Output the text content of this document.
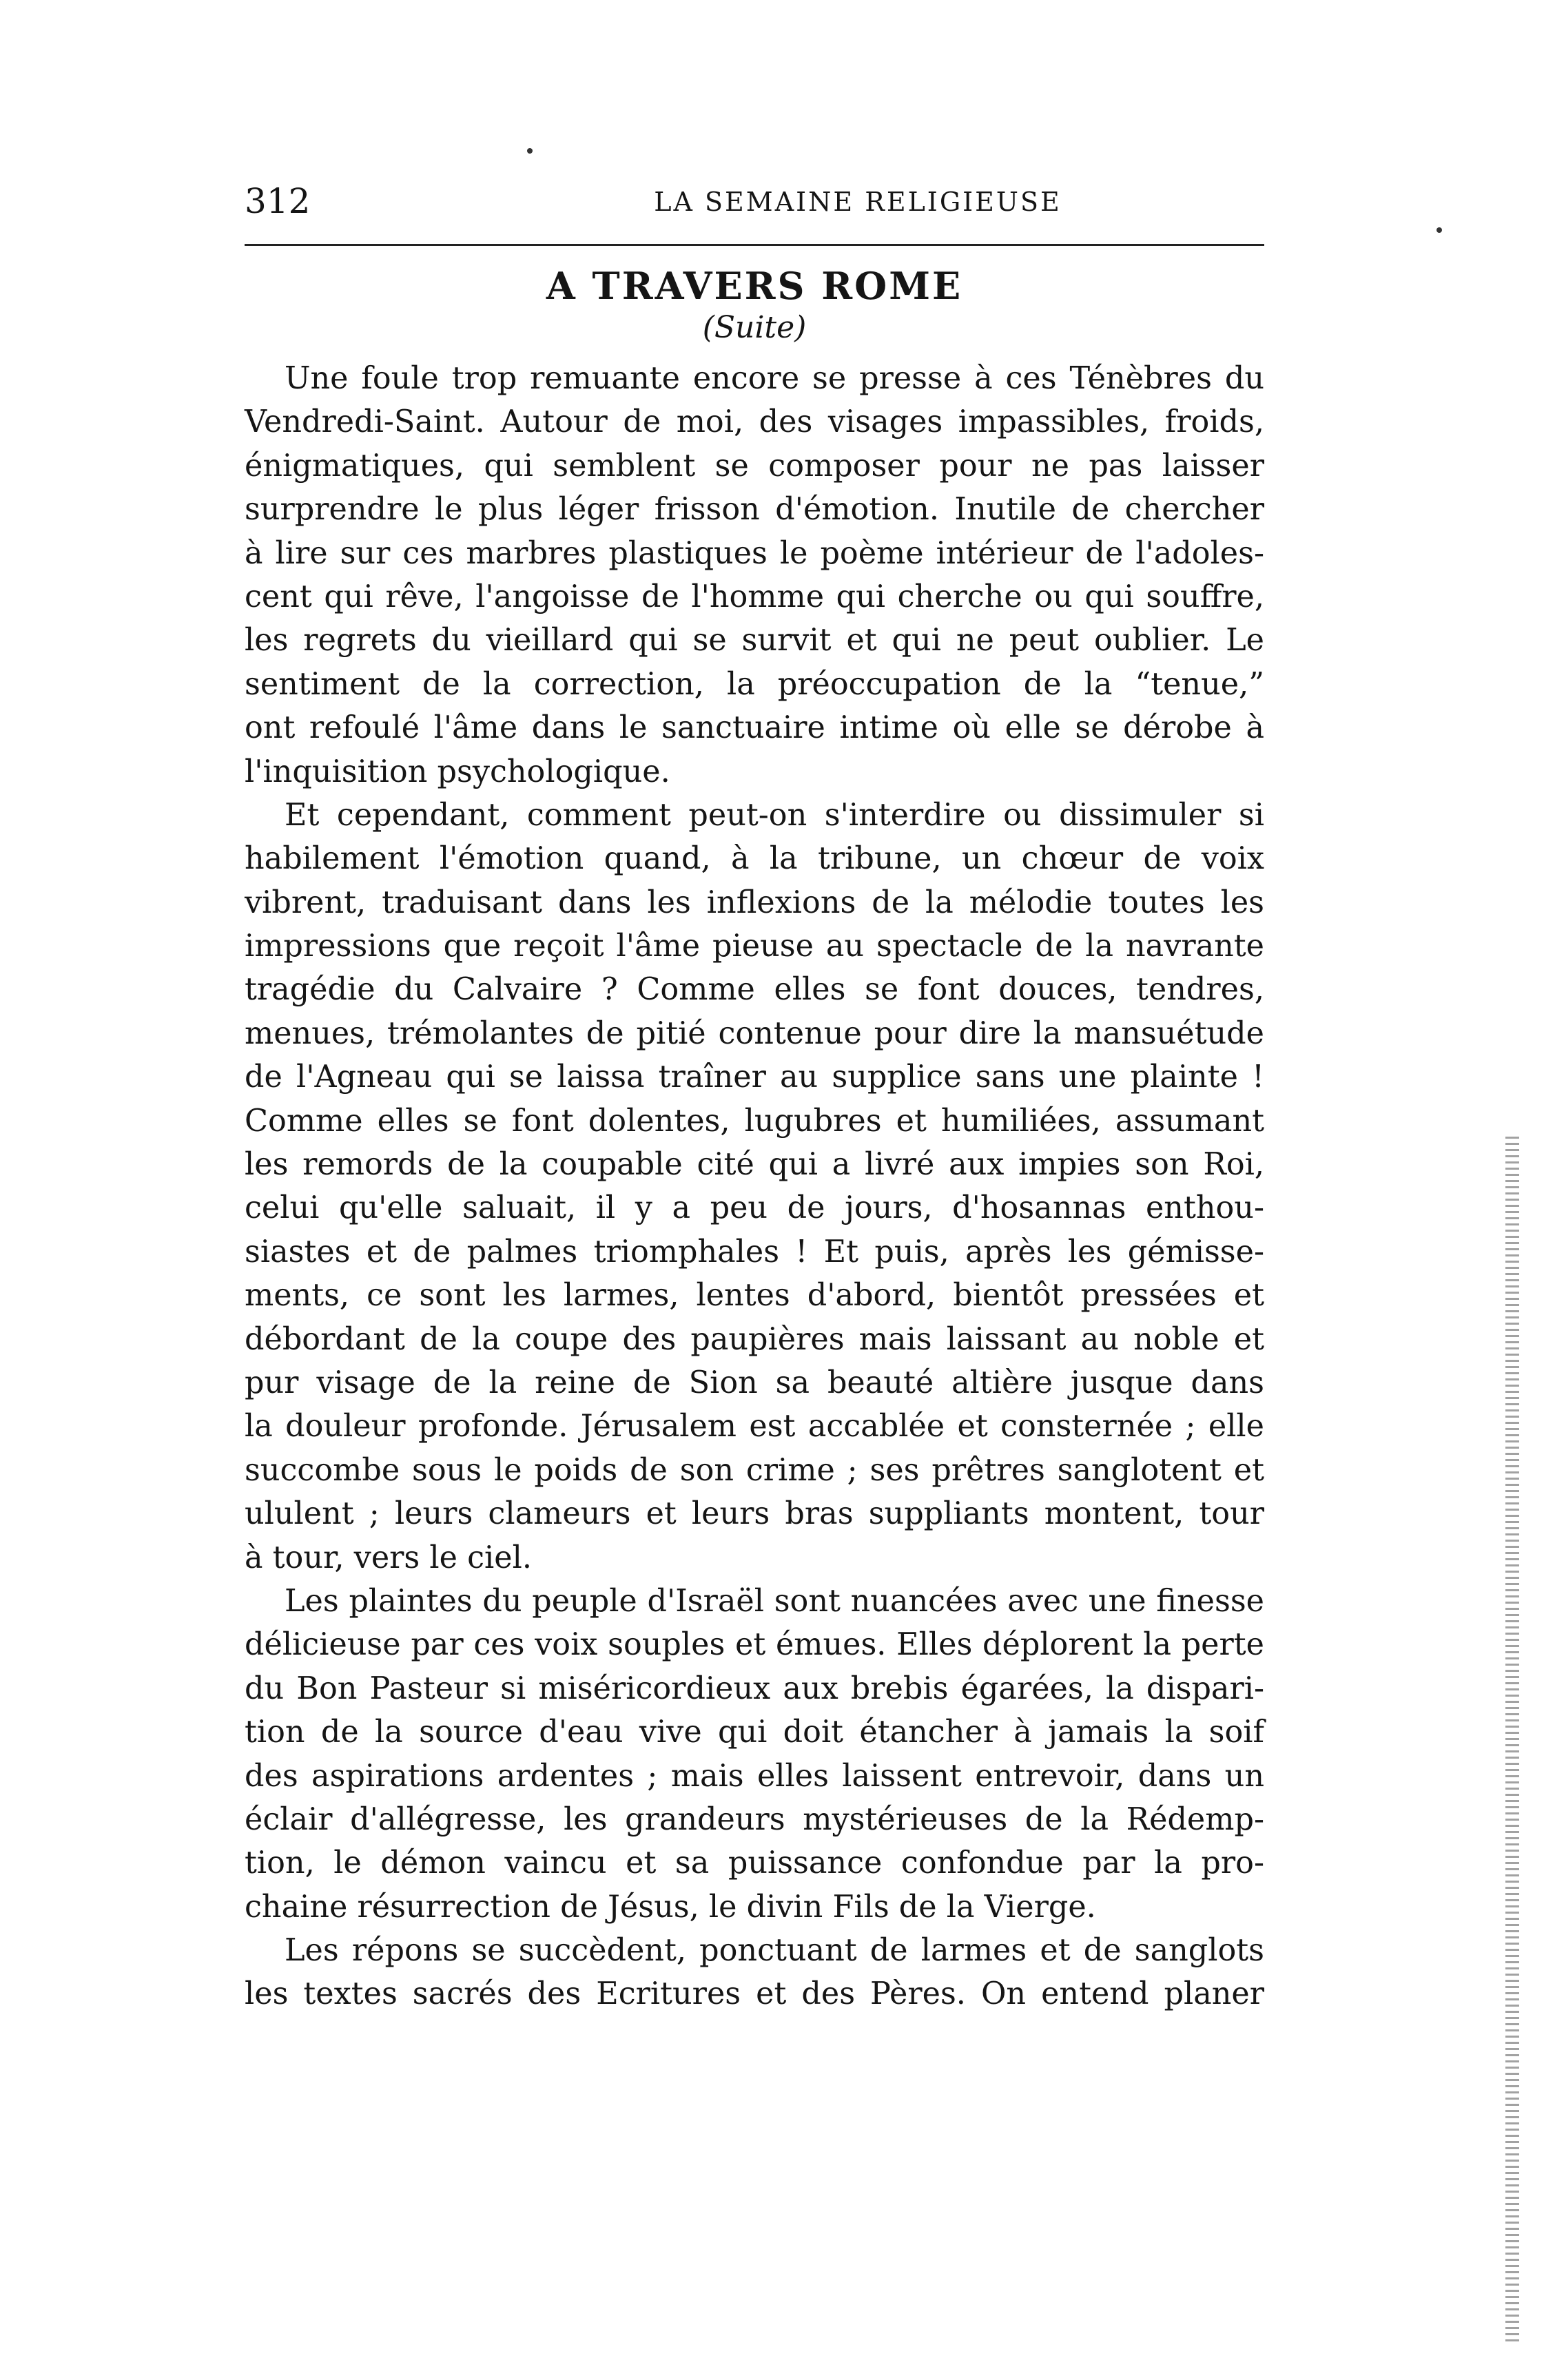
312	LA SEMAINE RELIGIEUSE
A TRAVERS ROME
(Suite)
Une foule trop remuante encore se presse à ces Ténèbres du
Vendredi-Saint. Autour de moi, des visages impassibles, froids,
énigmatiques, qui semblent se composer pour ne pas laisser
surprendre le plus léger frisson d'émotion. Inutile de chercher
à lire sur ces marbres plastiques le poème intérieur de l'adoles-
cent qui rêve, l'angoisse de l'homme qui cherche ou qui souffre,
les regrets du vieillard qui se survit et qui ne peut oublier. Le
sentiment de la correction, la préoccupation de la “tenue,”
ont refoulé l'âme dans le sanctuaire intime où elle se dérobe à
l'inquisition psychologique.
Et cependant, comment peut-on s'interdire ou dissimuler si
habilement l'émotion quand, à la tribune, un chœur de voix
vibrent, traduisant dans les inflexions de la mélodie toutes les
impressions que reçoit l'âme pieuse au spectacle de la navrante
tragédie du Calvaire ? Comme elles se font douces, tendres,
menues, trémolantes de pitié contenue pour dire la mansuétude
de l'Agneau qui se laissa traîner au supplice sans une plainte !
Comme elles se font dolentes, lugubres et humiliées, assumant
les remords de la coupable cité qui a livré aux impies son Roi,
celui qu'elle saluait, il y a peu de jours, d'hosannas enthou-
siastes et de palmes triomphales ! Et puis, après les gémisse-
ments, ce sont les larmes, lentes d'abord, bientôt pressées et
débordant de la coupe des paupières mais laissant au noble et
pur visage de la reine de Sion sa beauté altière jusque dans
la douleur profonde. Jérusalem est accablée et consternée ; elle
succombe sous le poids de son crime ; ses prêtres sanglotent et
ululent ; leurs clameurs et leurs bras suppliants montent, tour
à tour, vers le ciel.
Les plaintes du peuple d'Israël sont nuancées avec une finesse
délicieuse par ces voix souples et émues. Elles déplorent la perte
du Bon Pasteur si miséricordieux aux brebis égarées, la dispari-
tion de la source d'eau vive qui doit étancher à jamais la soif
des aspirations ardentes ; mais elles laissent entrevoir, dans un
éclair d'allégresse, les grandeurs mystérieuses de la Rédemp-
tion, le démon vaincu et sa puissance confondue par la pro-
chaine résurrection de Jésus, le divin Fils de la Vierge.
Les répons se succèdent, ponctuant de larmes et de sanglots
les textes sacrés des Ecritures et des Pères. On entend planer
